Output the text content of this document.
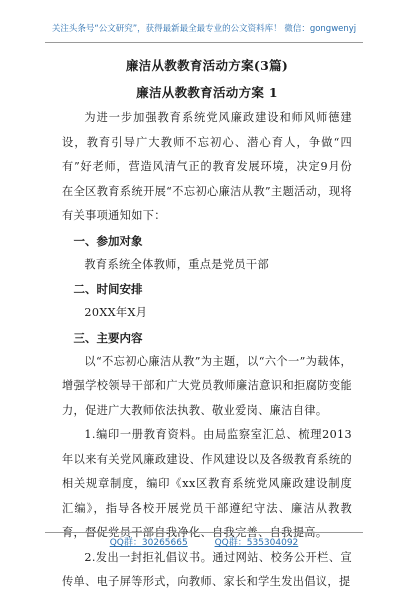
关注头条号“公文研究”，获得最新最全最专业的公文资料库！ 微信：gongwenyj

廉洁从教教育活动方案(3篇)

廉洁从教教育活动方案 1

为进一步加强教育系统党风廉政建设和师风师德建设，教育引导广大教师不忘初心、潜心育人，争做“四有”好老师，营造风清气正的教育发展环境，决定9月份在全区教育系统开展“不忘初心廉洁从教”主题活动，现将有关事项通知如下：

一、参加对象

教育系统全体教师，重点是党员干部

二、时间安排

20XX年X月

三、主要内容

以“不忘初心廉洁从教”为主题，以“六个一”为载体，增强学校领导干部和广大党员教师廉洁意识和拒腐防变能力，促进广大教师依法执教、敬业爱岗、廉洁自律。

1.编印一册教育资料。由局监察室汇总、梳理2013年以来有关党风廉政建设、作风建设以及各级教育系统的相关规章制度，编印《xx区教育系统党风廉政建设制度汇编》，指导各校开展党员干部遵纪守法、廉洁从教教育，督促党员干部自我净化、自我完善、自我提高。

2.发出一封拒礼倡议书。通过网站、校务公开栏、宣传单、电子屏等形式，向教师、家长和学生发出倡议，提

QQ群：30265665	QQ群：535304092
